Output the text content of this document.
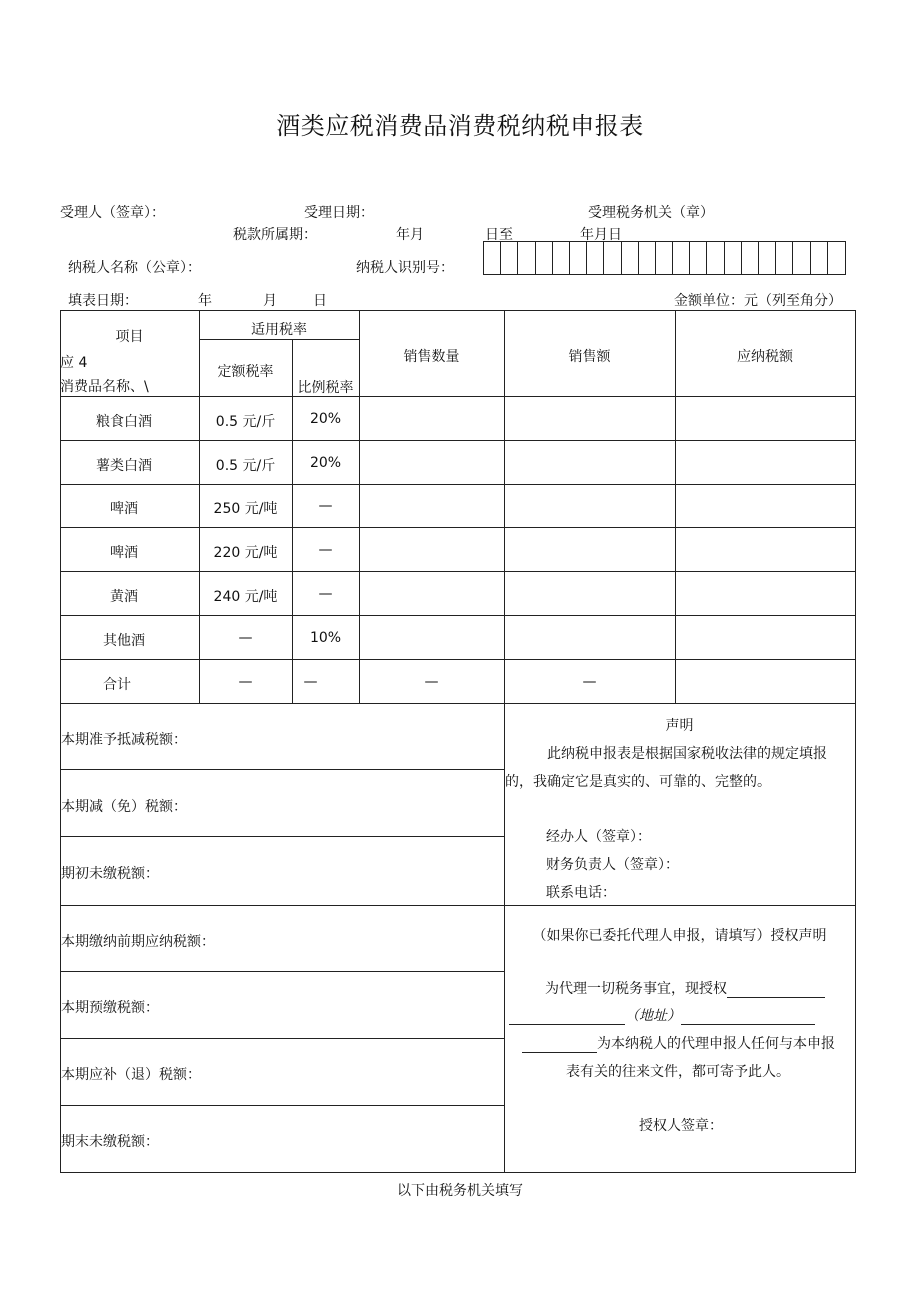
酒类应税消费品消费税纳税申报表
受理人（签章）：	受理日期：	受理税务机关（章）
税款所属期：	年月	日至	年月日
纳税人名称（公章）：	纳税人识别号：
填表日期：	年	月	日	金额单位：元（列至角分）
项目
应 4
消费品名称、\
适用税率
定额税率
比例税率
销售数量	销售额	应纳税额
粮食白酒	0.5 元/斤	20%
薯类白酒	0.5 元/斤	20%
啤酒	250 元/吨	—
啤酒	220 元/吨	—
黄酒	240 元/吨	—
其他酒	—	10%
合计	—	—	—	—
本期准予抵减税额：
本期减（免）税额：
期初未缴税额：
本期缴纳前期应纳税额：
本期预缴税额：
本期应补（退）税额：
期末未缴税额：
声明
此纳税申报表是根据国家税收法律的规定填报
的，我确定它是真实的、可靠的、完整的。
经办人（签章）：
财务负责人（签章）：
联系电话：
（如果你已委托代理人申报，请填写）授权声明
为代理一切税务事宜，现授权
（地址）
为本纳税人的代理申报人任何与本申报
表有关的往来文件，都可寄予此人。
授权人签章：
以下由税务机关填写
